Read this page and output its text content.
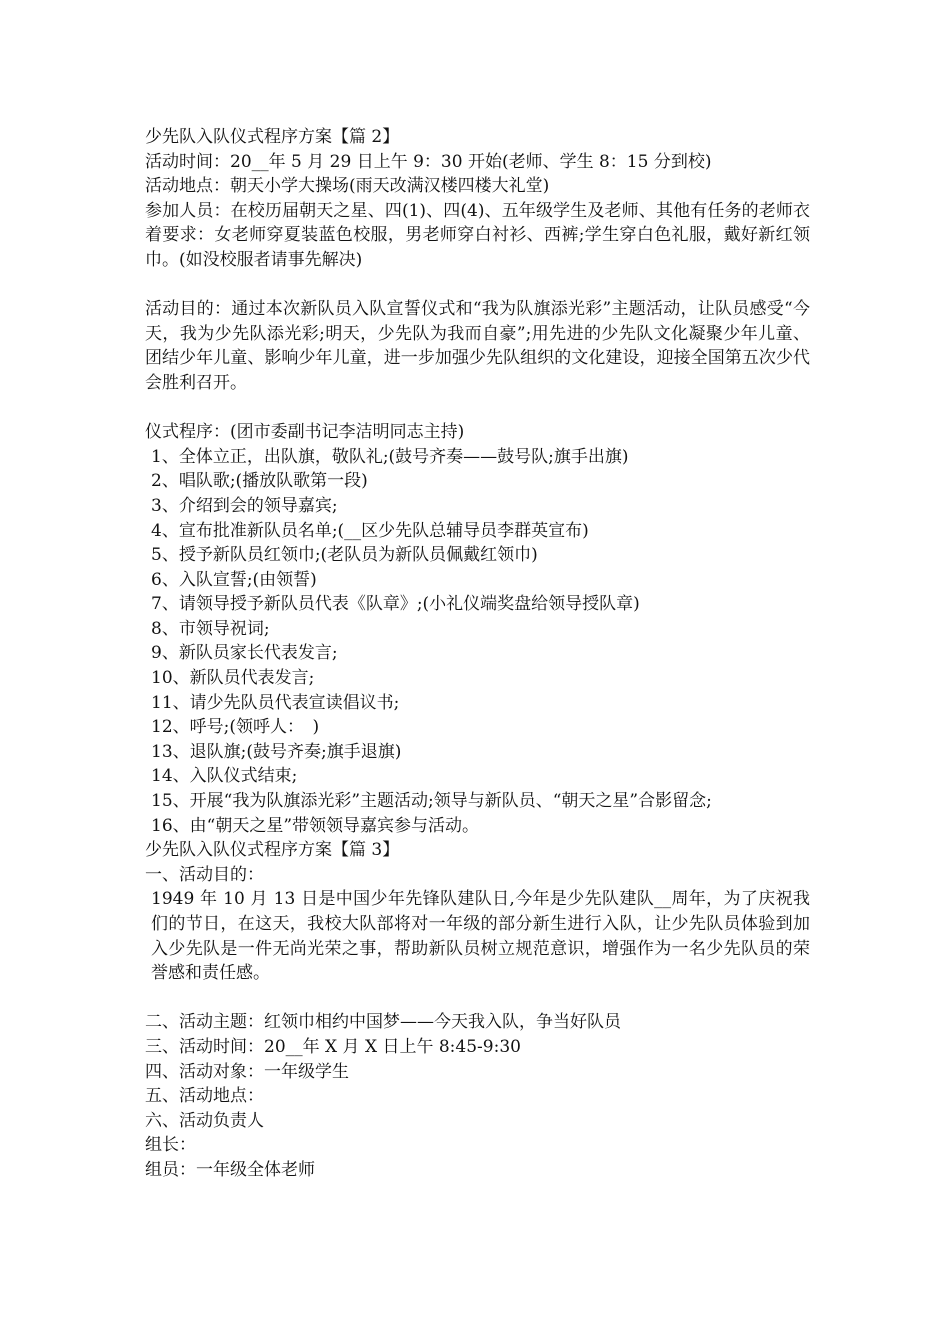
少先队入队仪式程序方案【篇 2】

活动时间：20__年 5 月 29 日上午 9：30 开始(老师、学生 8：15 分到校)

活动地点：朝天小学大操场(雨天改满汉楼四楼大礼堂)

参加人员：在校历届朝天之星、四(1)、四(4)、五年级学生及老师、其他有任务的老师衣着要求：女老师穿夏装蓝色校服，男老师穿白衬衫、西裤;学生穿白色礼服，戴好新红领巾。(如没校服者请事先解决)

活动目的：通过本次新队员入队宣誓仪式和“我为队旗添光彩”主题活动，让队员感受“今天，我为少先队添光彩;明天，少先队为我而自豪”;用先进的少先队文化凝聚少年儿童、团结少年儿童、影响少年儿童，进一步加强少先队组织的文化建设，迎接全国第五次少代会胜利召开。

仪式程序：(团市委副书记李洁明同志主持)

1、全体立正，出队旗，敬队礼;(鼓号齐奏——鼓号队;旗手出旗)

2、唱队歌;(播放队歌第一段)

3、介绍到会的领导嘉宾;

4、宣布批准新队员名单;(__区少先队总辅导员李群英宣布)

5、授予新队员红领巾;(老队员为新队员佩戴红领巾)

6、入队宣誓;(由领誓)

7、请领导授予新队员代表《队章》;(小礼仪端奖盘给领导授队章)

8、市领导祝词;

9、新队员家长代表发言;

10、新队员代表发言;

11、请少先队员代表宣读倡议书;

12、呼号;(领呼人：　)

13、退队旗;(鼓号齐奏;旗手退旗)

14、入队仪式结束;

15、开展“我为队旗添光彩”主题活动;领导与新队员、“朝天之星”合影留念;

16、由“朝天之星”带领领导嘉宾参与活动。

少先队入队仪式程序方案【篇 3】

一、活动目的：

1949 年 10 月 13 日是中国少年先锋队建队日,今年是少先队建队__周年，为了庆祝我们的节日，在这天，我校大队部将对一年级的部分新生进行入队，让少先队员体验到加入少先队是一件无尚光荣之事，帮助新队员树立规范意识，增强作为一名少先队员的荣誉感和责任感。

二、活动主题：红领巾相约中国梦——今天我入队，争当好队员

三、活动时间：20__年 X 月 X 日上午 8:45-9:30

四、活动对象：一年级学生

五、活动地点：

六、活动负责人

组长：

组员：一年级全体老师
